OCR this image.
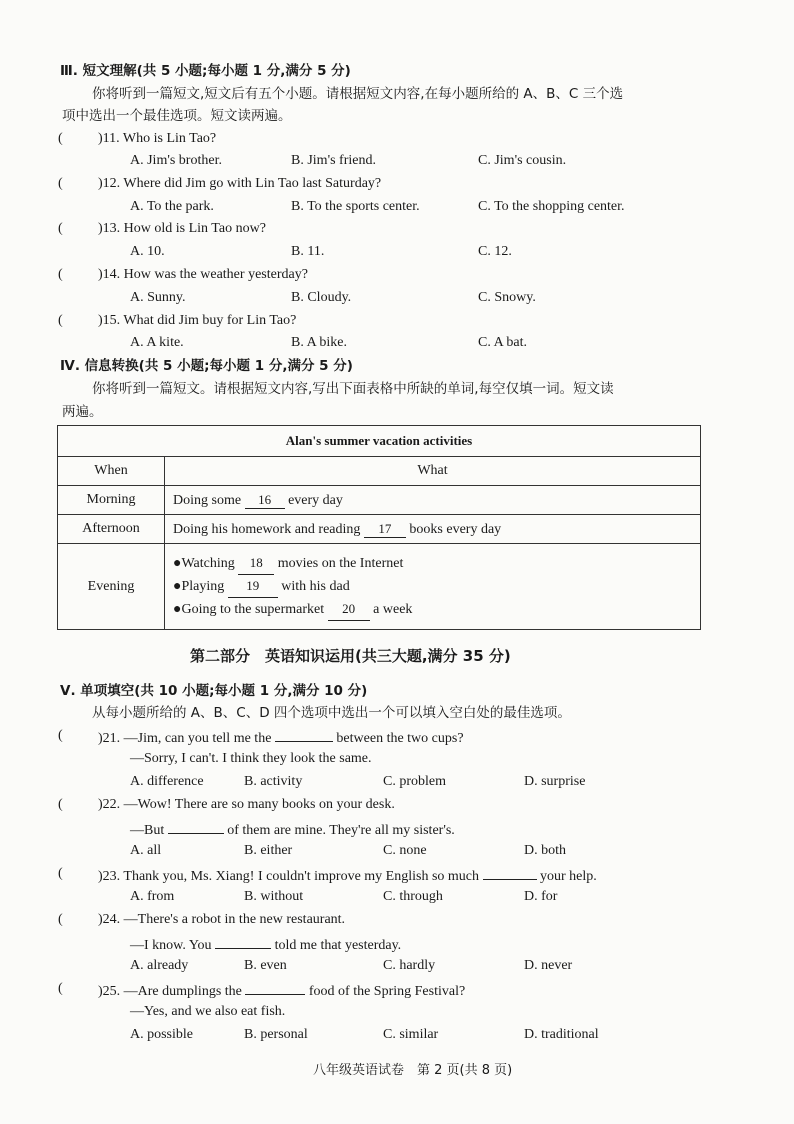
Ⅲ. 短文理解(共 5 小题;每小题 1 分,满分 5 分)
你将听到一篇短文,短文后有五个小题。请根据短文内容,在每小题所给的 A、B、C 三个选
项中选出一个最佳选项。短文读两遍。
(	)11. Who is Lin Tao?
A. Jim's brother.	B. Jim's friend.	C. Jim's cousin.
(	)12. Where did Jim go with Lin Tao last Saturday?
A. To the park.	B. To the sports center.	C. To the shopping center.
(	)13. How old is Lin Tao now?
A. 10.	B. 11.	C. 12.
(	)14. How was the weather yesterday?
A. Sunny.	B. Cloudy.	C. Snowy.
(	)15. What did Jim buy for Lin Tao?
A. A kite.	B. A bike.	C. A bat.
Ⅳ. 信息转换(共 5 小题;每小题 1 分,满分 5 分)
你将听到一篇短文。请根据短文内容,写出下面表格中所缺的单词,每空仅填一词。短文读
两遍。
Alan's summer vacation activities	
When	What
Morning	Doing some 16 every day
Afternoon	Doing his homework and reading 17 books every day
Evening	●Watching 18 movies on the Internet
●Playing 19 with his dad
●Going to the supermarket 20 a week
第二部分　英语知识运用(共三大题,满分 35 分)
Ⅴ. 单项填空(共 10 小题;每小题 1 分,满分 10 分)
从每小题所给的 A、B、C、D 四个选项中选出一个可以填入空白处的最佳选项。
(	)21. —Jim, can you tell me the	between the two cups?
—Sorry, I can't. I think they look the same.
A. difference	B. activity	C. problem	D. surprise
(	)22. —Wow! There are so many books on your desk.
—But	of them are mine. They're all my sister's.
A. all	B. either	C. none	D. both
(	)23. Thank you, Ms. Xiang! I couldn't improve my English so much	your help.
A. from	B. without	C. through	D. for
(	)24. —There's a robot in the new restaurant.
—I know. You	told me that yesterday.
A. already	B. even	C. hardly	D. never
(	)25. —Are dumplings the	food of the Spring Festival?
—Yes, and we also eat fish.
A. possible	B. personal	C. similar	D. traditional
八年级英语试卷　第 2 页(共 8 页)
